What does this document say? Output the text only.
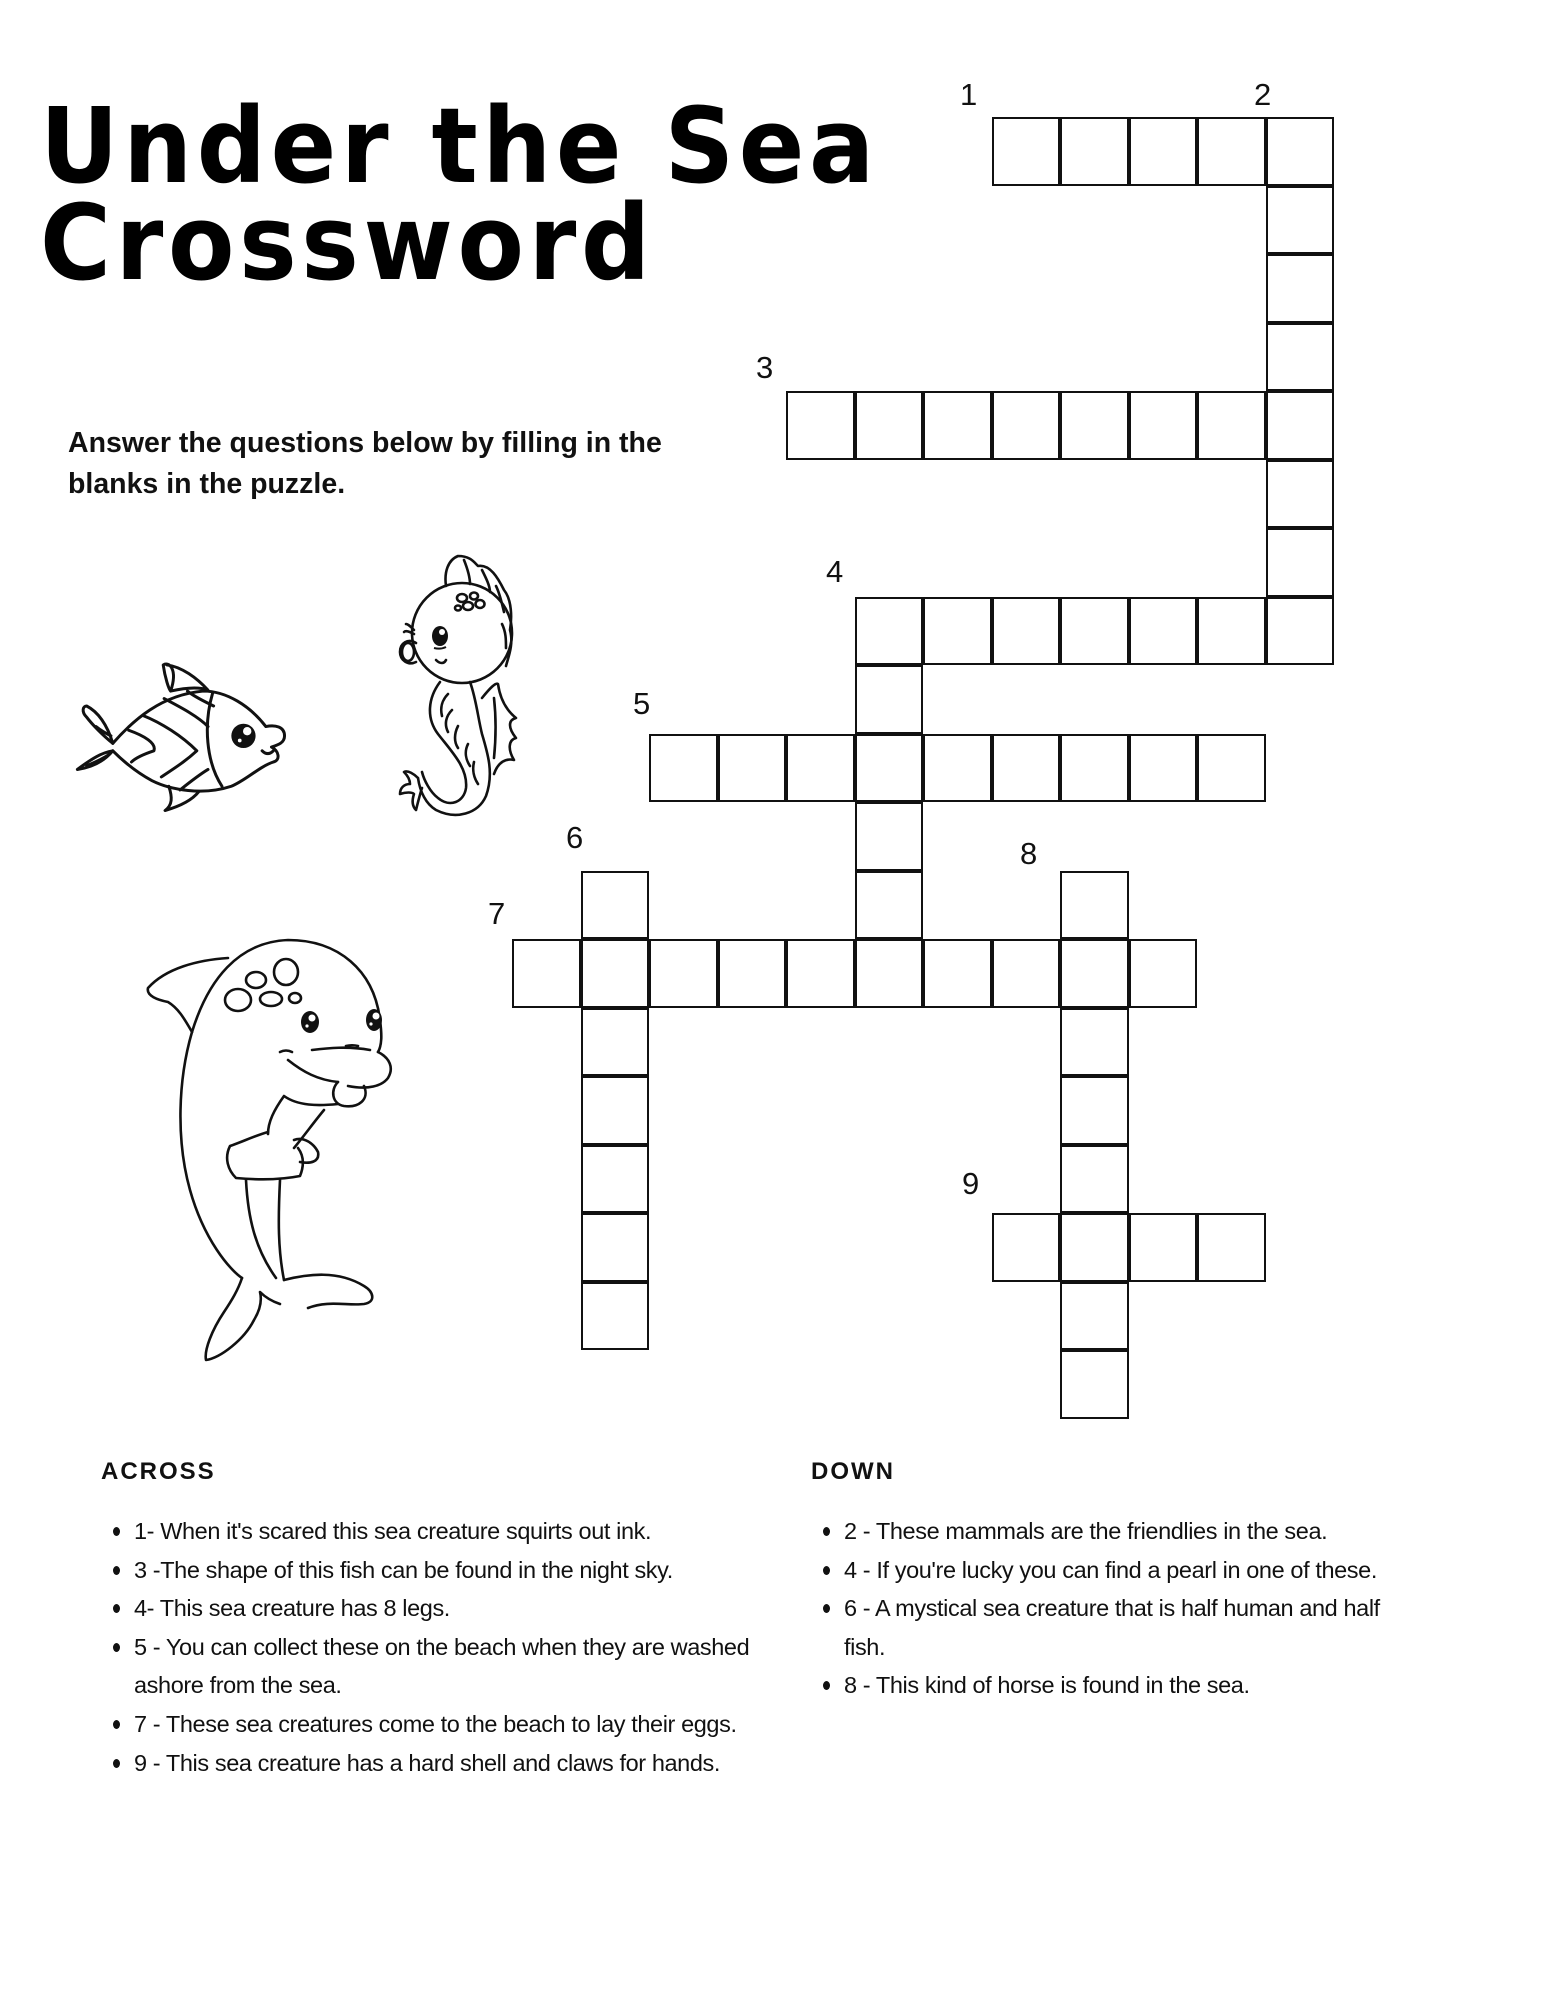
Under the Sea
Crossword

Answer the questions below by filling in the blanks in the puzzle.

1	2
3
4
5
6
7
8
9
ACROSS
1- When it's scared this sea creature squirts out ink.
3 -The shape of this fish can be found in the night sky.
4- This sea creature has 8 legs.
5 - You can collect these on the beach when they are washed ashore from the sea.
7 - These sea creatures come to the beach to lay their eggs.
9 - This sea creature has a hard shell and claws for hands.
DOWN
2 - These mammals are the friendlies in the sea.
4 - If you're lucky you can find a pearl in one of these.
6 - A mystical sea creature that is half human and half fish.
8 - This kind of horse is found in the sea.
